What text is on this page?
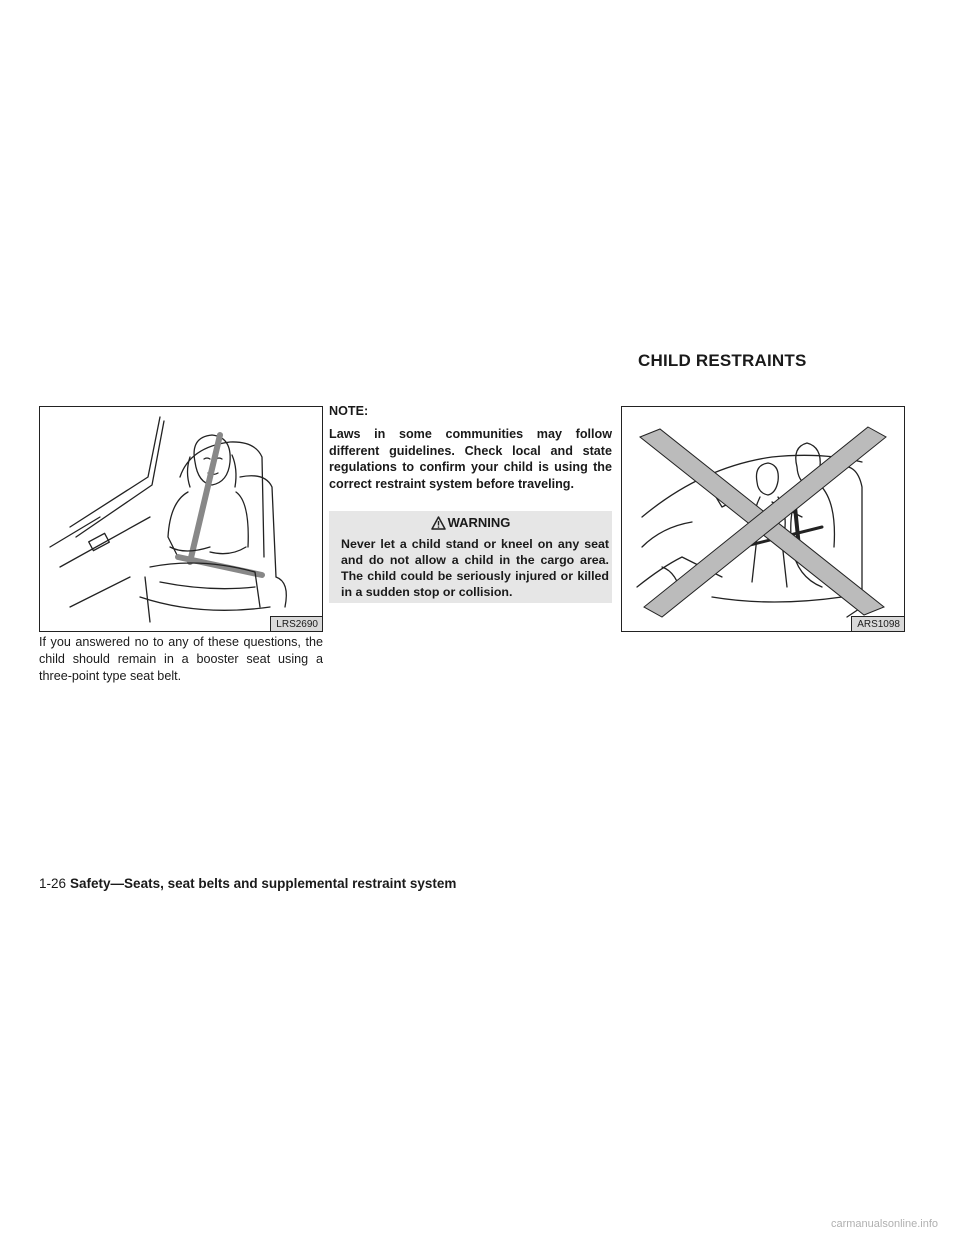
CHILD RESTRAINTS
LRS2690
If you answered no to any of these questions, the child should remain in a booster seat using a three-point type seat belt.
NOTE:
Laws in some communities may follow different guidelines. Check local and state regulations to confirm your child is using the correct restraint system before traveling.
WARNING
Never let a child stand or kneel on any seat and do not allow a child in the cargo area. The child could be seriously injured or killed in a sudden stop or collision.
ARS1098
1-26 Safety—Seats, seat belts and supplemental restraint system
carmanualsonline.info
